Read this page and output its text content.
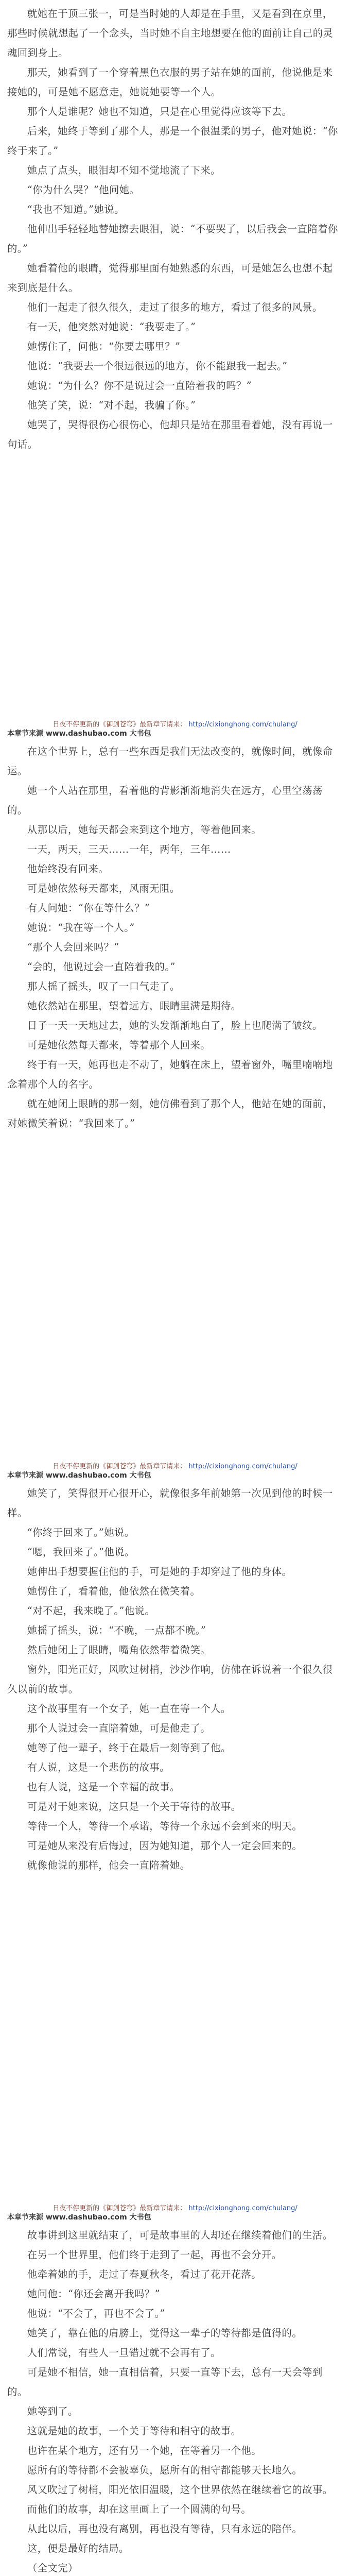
就她在于顶三张一，可是当时她的人却是在手里，又是看到在京里，那些时候就想起了一个念头，当时她不自主地想要在他的面前让自己的灵魂回到身上。

那天，她看到了一个穿着黑色衣服的男子站在她的面前，他说他是来接她的，可是她不愿意走，她说她要等一个人。

那个人是谁呢？她也不知道，只是在心里觉得应该等下去。

后来，她终于等到了那个人，那是一个很温柔的男子，他对她说：“你终于来了。”

她点了点头，眼泪却不知不觉地流了下来。

“你为什么哭？”他问她。

“我也不知道。”她说。

他伸出手轻轻地替她擦去眼泪，说：“不要哭了，以后我会一直陪着你的。”

她看着他的眼睛，觉得那里面有她熟悉的东西，可是她怎么也想不起来到底是什么。

他们一起走了很久很久，走过了很多的地方，看过了很多的风景。

有一天，他突然对她说：“我要走了。”

她愣住了，问他：“你要去哪里？”

他说：“我要去一个很远很远的地方，你不能跟我一起去。”

她说：“为什么？你不是说过会一直陪着我的吗？”

他笑了笑，说：“对不起，我骗了你。”

她哭了，哭得很伤心很伤心，他却只是站在那里看着她，没有再说一句话。

日夜不停更新的《御剑苍穹》最新章节请来： http://cixionghong.com/chulang/
本章节来源 www.dashubao.com 大书包

在这个世界上，总有一些东西是我们无法改变的，就像时间，就像命运。

她一个人站在那里，看着他的背影渐渐地消失在远方，心里空荡荡的。

从那以后，她每天都会来到这个地方，等着他回来。

一天，两天，三天……一年，两年，三年……

他始终没有回来。

可是她依然每天都来，风雨无阻。

有人问她：“你在等什么？”

她说：“我在等一个人。”

“那个人会回来吗？”

“会的，他说过会一直陪着我的。”

那人摇了摇头，叹了一口气走了。

她依然站在那里，望着远方，眼睛里满是期待。

日子一天一天地过去，她的头发渐渐地白了，脸上也爬满了皱纹。

可是她依然每天都来，等着那个人回来。

终于有一天，她再也走不动了，她躺在床上，望着窗外，嘴里喃喃地念着那个人的名字。

就在她闭上眼睛的那一刻，她仿佛看到了那个人，他站在她的面前，对她微笑着说：“我回来了。”

日夜不停更新的《御剑苍穹》最新章节请来： http://cixionghong.com/chulang/
本章节来源 www.dashubao.com 大书包

她笑了，笑得很开心很开心，就像很多年前她第一次见到他的时候一样。

“你终于回来了。”她说。

“嗯，我回来了。”他说。

她伸出手想要握住他的手，可是她的手却穿过了他的身体。

她愣住了，看着他，他依然在微笑着。

“对不起，我来晚了。”他说。

她摇了摇头，说：“不晚，一点都不晚。”

然后她闭上了眼睛，嘴角依然带着微笑。

窗外，阳光正好，风吹过树梢，沙沙作响，仿佛在诉说着一个很久很久以前的故事。

这个故事里有一个女子，她一直在等一个人。

那个人说过会一直陪着她，可是他走了。

她等了他一辈子，终于在最后一刻等到了他。

有人说，这是一个悲伤的故事。

也有人说，这是一个幸福的故事。

可是对于她来说，这只是一个关于等待的故事。

等待一个人，等待一个承诺，等待一个永远不会到来的明天。

可是她从来没有后悔过，因为她知道，那个人一定会回来的。

就像他说的那样，他会一直陪着她。

日夜不停更新的《御剑苍穹》最新章节请来： http://cixionghong.com/chulang/
本章节来源 www.dashubao.com 大书包

故事讲到这里就结束了，可是故事里的人却还在继续着他们的生活。

在另一个世界里，他们终于走到了一起，再也不会分开。

他牵着她的手，走过了春夏秋冬，看过了花开花落。

她问他：“你还会离开我吗？”

他说：“不会了，再也不会了。”

她笑了，靠在他的肩膀上，觉得这一辈子的等待都是值得的。

人们常说，有些人一旦错过就不会再有了。

可是她不相信，她一直相信着，只要一直等下去，总有一天会等到的。

她等到了。

这就是她的故事，一个关于等待和相守的故事。

也许在某个地方，还有另一个她，在等着另一个他。

愿所有的等待都不会被辜负，愿所有的相守都能够天长地久。

风又吹过了树梢，阳光依旧温暖，这个世界依然在继续着它的故事。

而他们的故事，却在这里画上了一个圆满的句号。

从此以后，再也没有离别，再也没有等待，只有永远的陪伴。

这，便是最好的结局。

（全文完）
